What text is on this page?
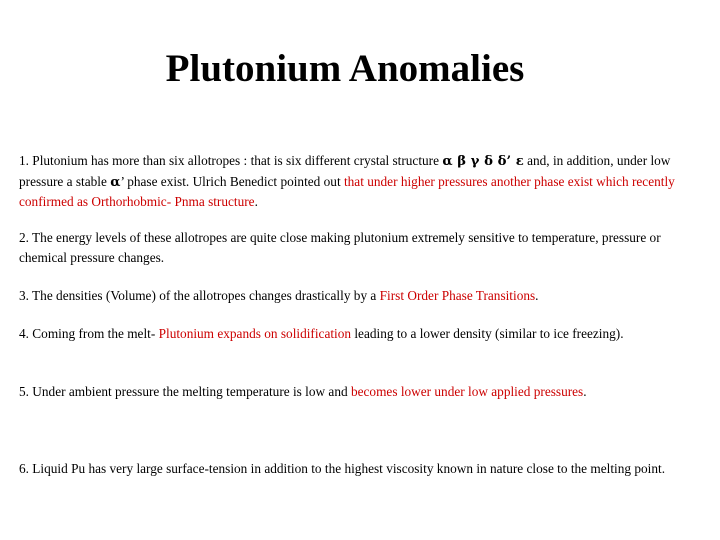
Plutonium Anomalies
1. Plutonium has more than six allotropes : that is six different crystal structure α β γ δ δ’ ε and, in addition, under low pressure a stable α’ phase exist. Ulrich Benedict pointed out that under higher pressures another phase exist which recently confirmed as Orthorhobmic- Pnma structure.
2. The energy levels of these allotropes are quite close making plutonium extremely sensitive to temperature, pressure or chemical pressure changes.
3. The densities (Volume) of the allotropes changes drastically by a First Order Phase Transitions.
4. Coming from the melt- Plutonium expands on solidification leading to a lower density (similar to ice freezing).
5. Under ambient pressure the melting temperature is low and becomes lower under low applied pressures.
6. Liquid Pu has very large surface-tension in addition to the highest viscosity known in nature close to the melting point.
